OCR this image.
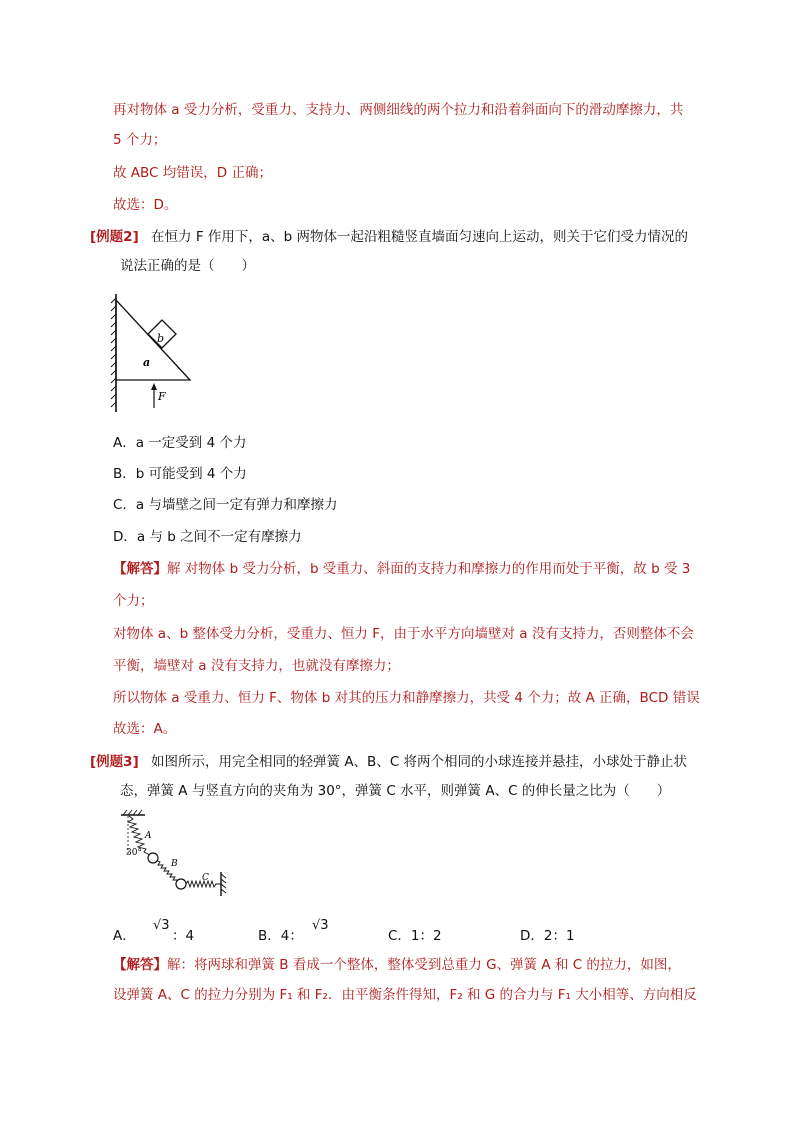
再对物体 a 受力分析，受重力、支持力、两侧细线的两个拉力和沿着斜面向下的滑动摩擦力，共
5 个力；
故 ABC 均错误，D 正确；
故选：D。
[例题2] 在恒力 F 作用下，a、b 两物体一起沿粗糙竖直墙面匀速向上运动，则关于它们受力情况的
说法正确的是（　　）
b
a
F
A．a 一定受到 4 个力
B．b 可能受到 4 个力
C．a 与墙壁之间一定有弹力和摩擦力
D．a 与 b 之间不一定有摩擦力
【解答】解 对物体 b 受力分析，b 受重力、斜面的支持力和摩擦力的作用而处于平衡，故 b 受 3
个力；
对物体 a、b 整体受力分析，受重力、恒力 F，由于水平方向墙壁对 a 没有支持力，否则整体不会
平衡，墙壁对 a 没有支持力，也就没有摩擦力；
所以物体 a 受重力、恒力 F、物体 b 对其的压力和静摩擦力，共受 4 个力；故 A 正确，BCD 错误
故选：A。
[例题3] 如图所示，用完全相同的轻弹簧 A、B、C 将两个相同的小球连接并悬挂，小球处于静止状
态，弹簧 A 与竖直方向的夹角为 30°，弹簧 C 水平，则弹簧 A、C 的伸长量之比为（　　）
30°
A
B
C
A．
√3
：4	B．4：
√3
C．1：2	D．2：1
【解答】解：将两球和弹簧 B 看成一个整体，整体受到总重力 G、弹簧 A 和 C 的拉力，如图，
设弹簧 A、C 的拉力分别为 F₁ 和 F₂．由平衡条件得知，F₂ 和 G 的合力与 F₁ 大小相等、方向相反
